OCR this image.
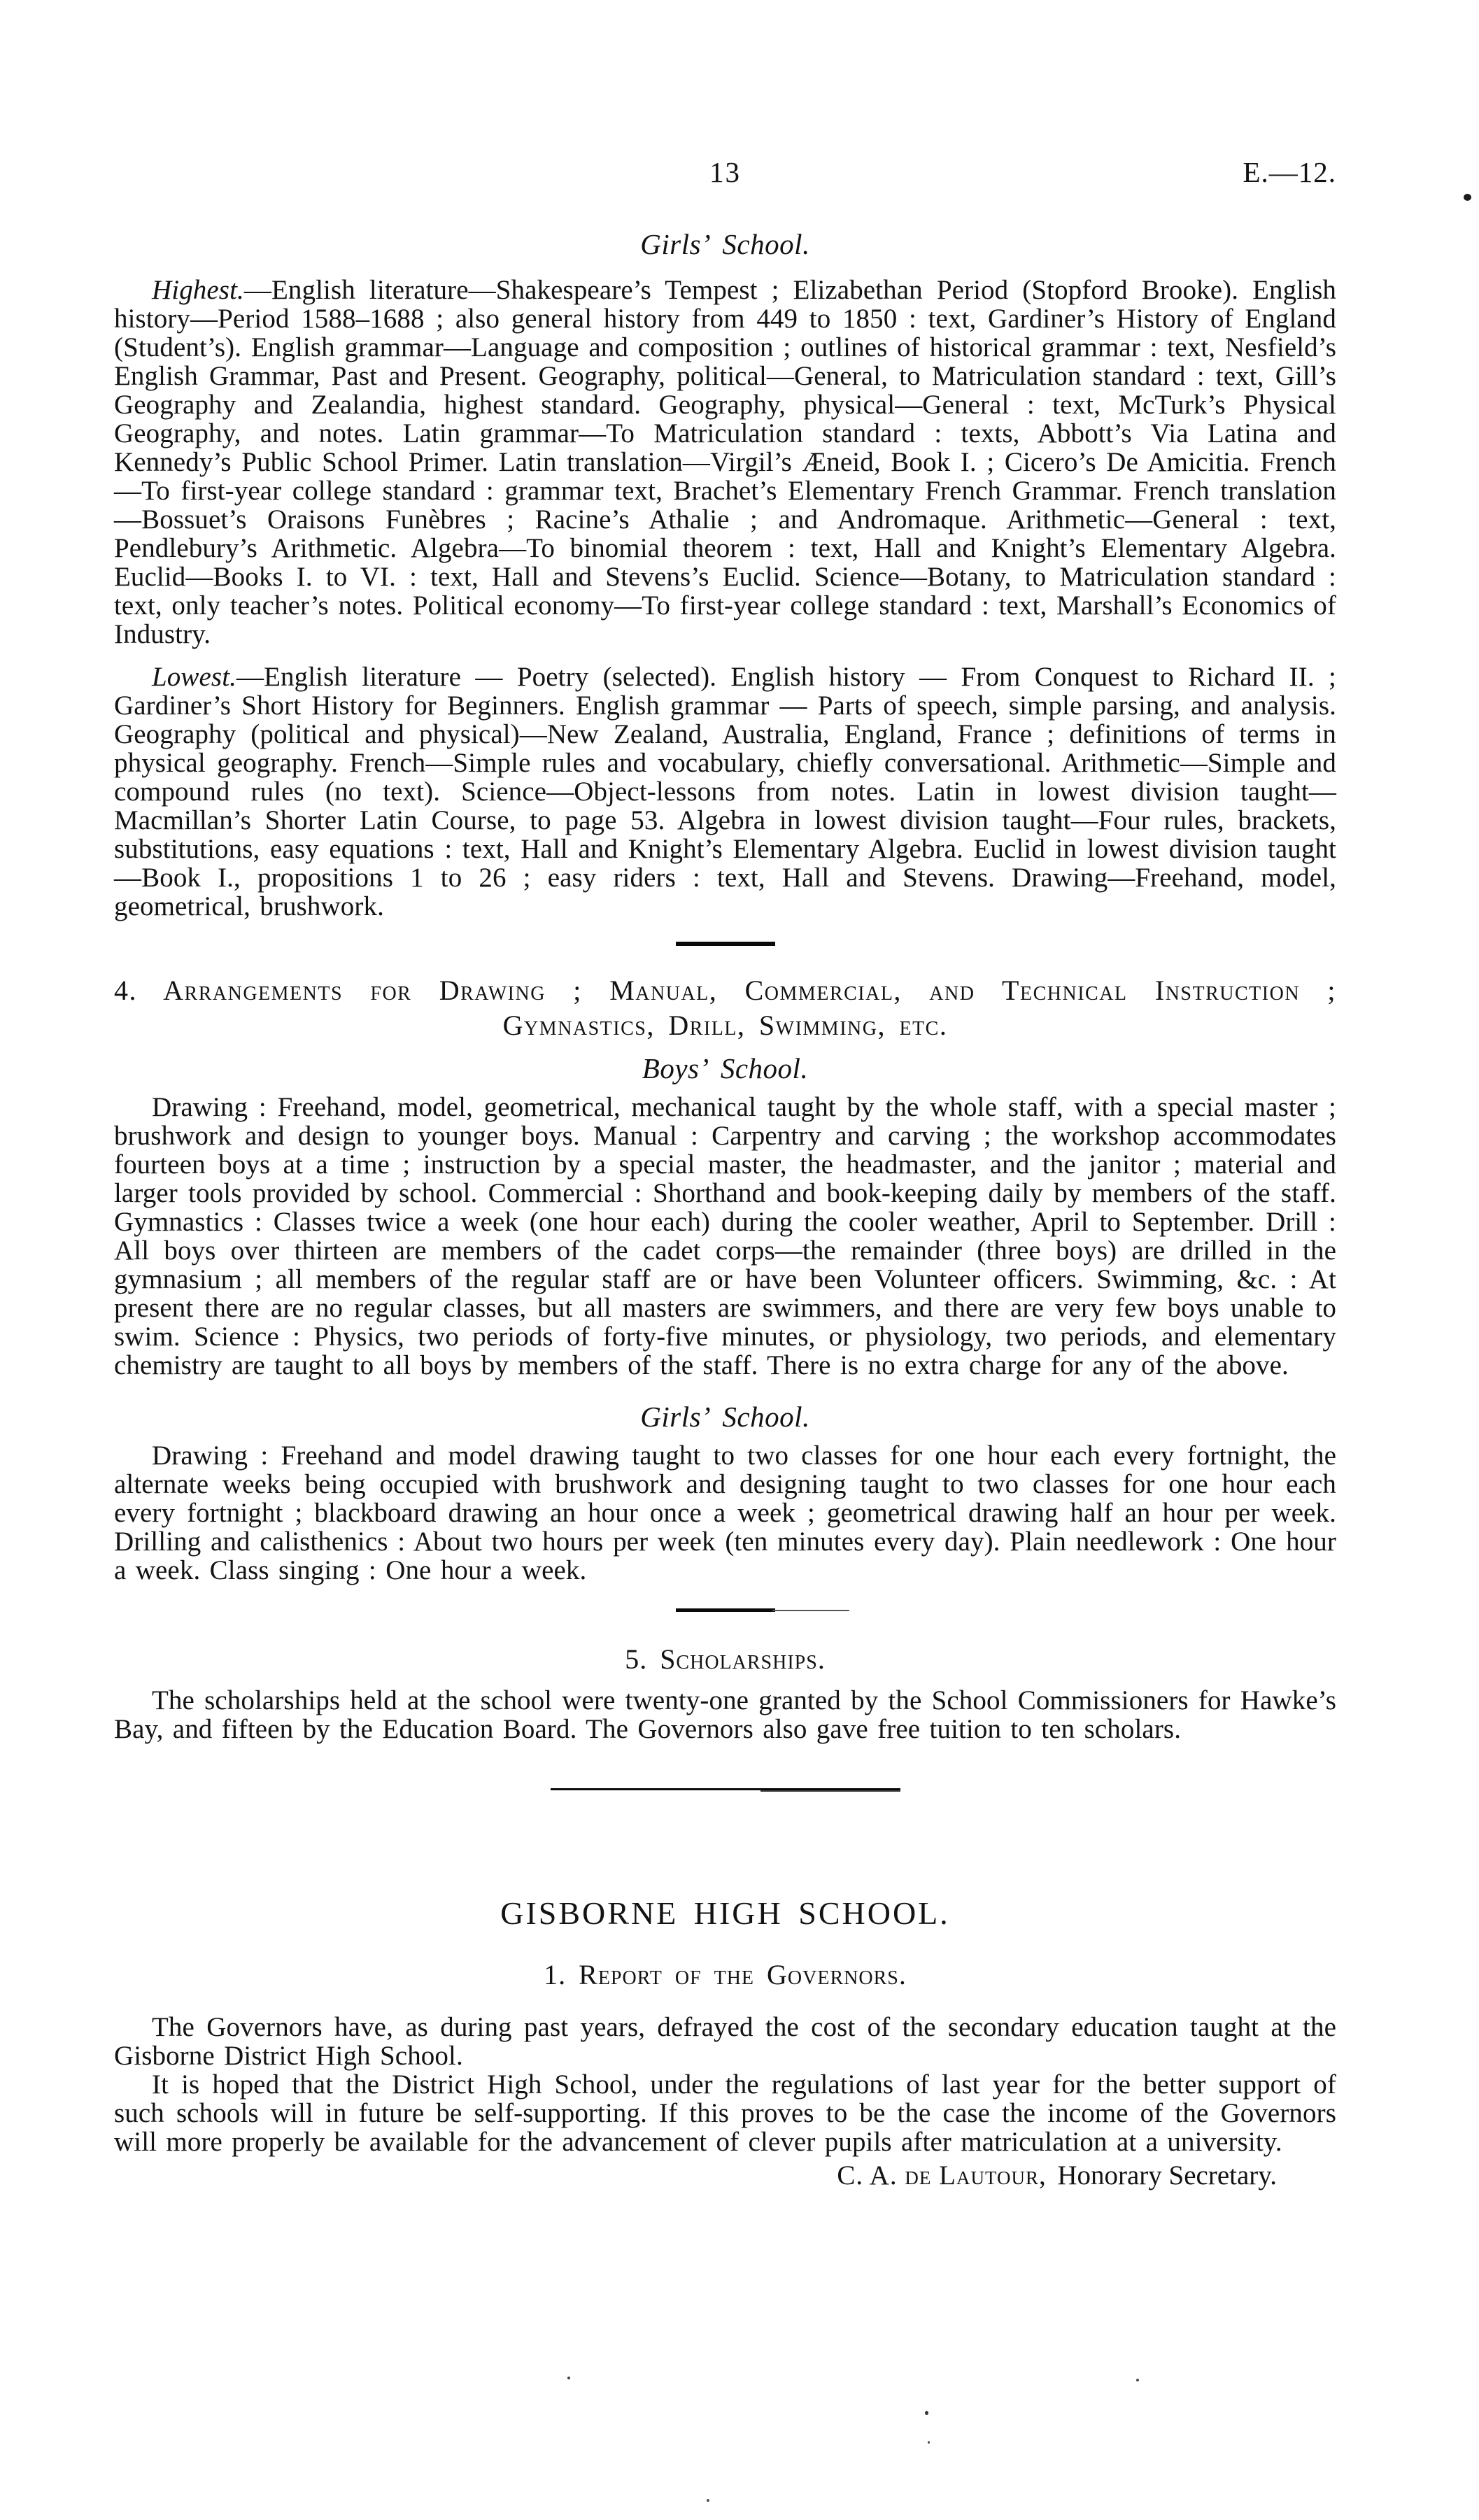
13	E.—12.
Girls’ School.

Highest.—English literature—Shakespeare’s Tempest ; Elizabethan Period (Stopford Brooke). English history—Period 1588–1688 ; also general history from 449 to 1850 : text, Gardiner’s History of England (Student’s). English grammar—Language and composition ; outlines of historical grammar : text, Nesfield’s English Grammar, Past and Present. Geography, political—General, to Matriculation standard : text, Gill’s Geography and Zealandia, highest standard. Geography, physical—General : text, McTurk’s Physical Geography, and notes. Latin grammar—To Matriculation standard : texts, Abbott’s Via Latina and Kennedy’s Public School Primer. Latin translation—Virgil’s Æneid, Book I. ; Cicero’s De Amicitia. French—To first-year college standard : grammar text, Brachet’s Elementary French Grammar. French translation—Bossuet’s Oraisons Funèbres ; Racine’s Athalie ; and Andromaque. Arithmetic—General : text, Pendlebury’s Arithmetic. Algebra—To binomial theorem : text, Hall and Knight’s Elementary Algebra. Euclid—Books I. to VI. : text, Hall and Stevens’s Euclid. Science—Botany, to Matriculation standard : text, only teacher’s notes. Political economy—To first-year college standard : text, Marshall’s Economics of Industry.

Lowest.—English literature — Poetry (selected). English history — From Conquest to Richard II. ; Gardiner’s Short History for Beginners. English grammar — Parts of speech, simple parsing, and analysis. Geography (political and physical)—New Zealand, Australia, England, France ; definitions of terms in physical geography. French—Simple rules and vocabulary, chiefly conversational. Arithmetic—Simple and compound rules (no text). Science—Object-lessons from notes. Latin in lowest division taught—Macmillan’s Shorter Latin Course, to page 53. Algebra in lowest division taught—Four rules, brackets, substitutions, easy equations : text, Hall and Knight’s Elementary Algebra. Euclid in lowest division taught—Book I., propositions 1 to 26 ; easy riders : text, Hall and Stevens. Drawing—Freehand, model, geometrical, brushwork.

4. Arrangements for Drawing ; Manual, Commercial, and Technical Instruction ;
Gymnastics, Drill, Swimming, etc.
Boys’ School.

Drawing : Freehand, model, geometrical, mechanical taught by the whole staff, with a special master ; brushwork and design to younger boys. Manual : Carpentry and carving ; the workshop accommodates fourteen boys at a time ; instruction by a special master, the headmaster, and the janitor ; material and larger tools provided by school. Commercial : Shorthand and book-keeping daily by members of the staff. Gymnastics : Classes twice a week (one hour each) during the cooler weather, April to September. Drill : All boys over thirteen are members of the cadet corps—the remainder (three boys) are drilled in the gymnasium ; all members of the regular staff are or have been Volunteer officers. Swimming, &c. : At present there are no regular classes, but all masters are swimmers, and there are very few boys unable to swim. Science : Physics, two periods of forty-five minutes, or physiology, two periods, and elementary chemistry are taught to all boys by members of the staff. There is no extra charge for any of the above.

Girls’ School.

Drawing : Freehand and model drawing taught to two classes for one hour each every fortnight, the alternate weeks being occupied with brushwork and designing taught to two classes for one hour each every fortnight ; blackboard drawing an hour once a week ; geometrical drawing half an hour per week. Drilling and calisthenics : About two hours per week (ten minutes every day). Plain needlework : One hour a week. Class singing : One hour a week.

5. Scholarships.

The scholarships held at the school were twenty-one granted by the School Commissioners for Hawke’s Bay, and fifteen by the Education Board. The Governors also gave free tuition to ten scholars.

GISBORNE HIGH SCHOOL.
1. Report of the Governors.

The Governors have, as during past years, defrayed the cost of the secondary education taught at the Gisborne District High School.

It is hoped that the District High School, under the regulations of last year for the better support of such schools will in future be self-supporting. If this proves to be the case the income of the Governors will more properly be available for the advancement of clever pupils after matriculation at a university.

C. A. de Lautour, Honorary Secretary.
